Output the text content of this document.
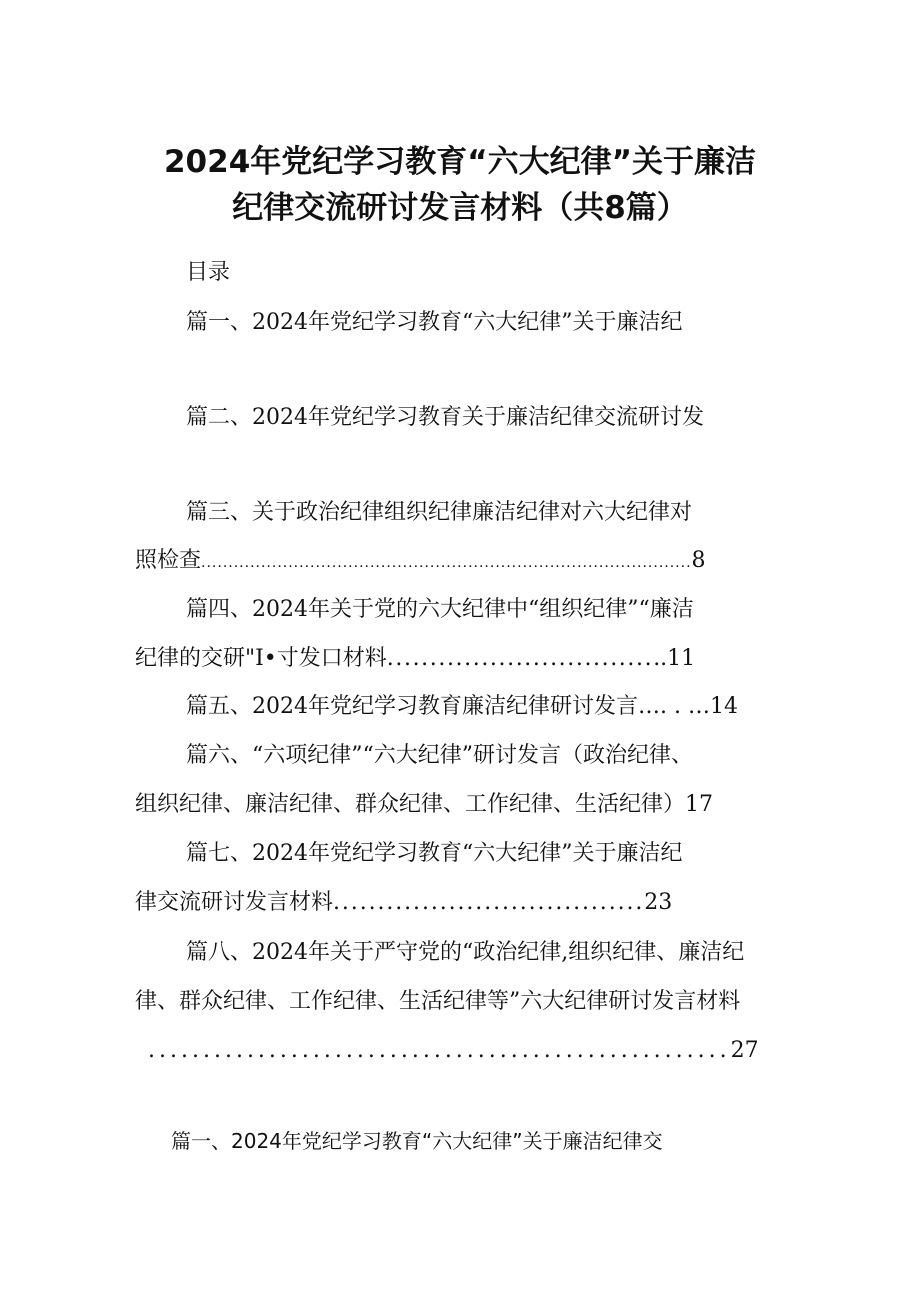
2024年党纪学习教育“六大纪律”关于廉洁
纪律交流研讨发言材料（共8篇）
目录
篇一、2024年党纪学习教育“六大纪律”关于廉洁纪
篇二、2024年党纪学习教育关于廉洁纪律交流研讨发
篇三、关于政治纪律组织纪律廉洁纪律对六大纪律对
照检查..........................................................................................8
篇四、2024年关于党的六大纪律中“组织纪律”“廉洁
纪律的交研"I•寸发口材料.................................11
篇五、2024年党纪学习教育廉洁纪律研讨发言…. . …14
篇六、“六项纪律”“六大纪律”研讨发言（政治纪律、
组织纪律、廉洁纪律、群众纪律、工作纪律、生活纪律）17
篇七、2024年党纪学习教育“六大纪律”关于廉洁纪
律交流研讨发言材料...................................23
篇八、2024年关于严守党的“政治纪律,组织纪律、廉洁纪
律、群众纪律、工作纪律、生活纪律等”六大纪律研讨发言材料
.....................................................27
篇一、2024年党纪学习教育“六大纪律”关于廉洁纪律交
